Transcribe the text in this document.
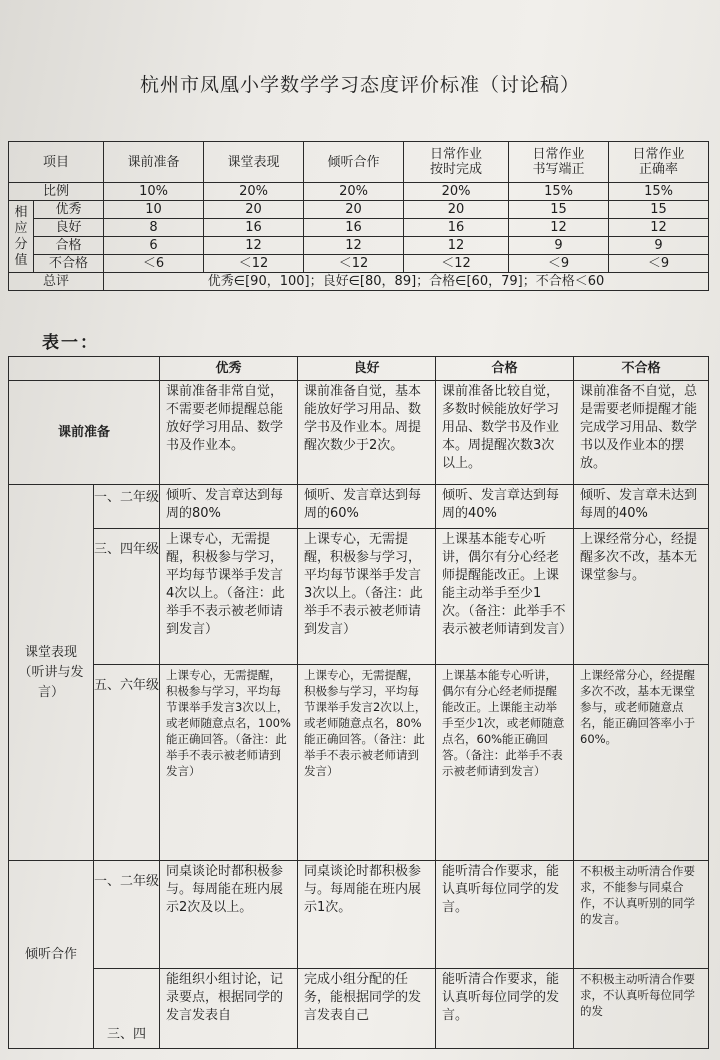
杭州市凤凰小学数学学习态度评价标准（讨论稿）
项目		课前准备	课堂表现	倾听合作	日常作业按时完成	日常作业书写端正	日常作业正确率
比例		10%	20%	20%	20%	15%	15%

相
应
分
值	优秀	10	20	20	20	15	15
	良好	8	16	16	16	12	12
	合格	6	12	12	12	9	9
	不合格	＜6	＜12	＜12	＜12	＜9	＜9
总评		优秀∈[90，100]；良好∈[80，89]；合格∈[60，79]；不合格＜60					
表一：
		优秀	良好	合格	不合格
课前准备		课前准备非常自觉，不需要老师提醒总能放好学习用品、数学书及作业本。	课前准备自觉，基本能放好学习用品、数学书及作业本。周提醒次数少于2次。	课前准备比较自觉，多数时候能放好学习用品、数学书及作业本。周提醒次数3次以上。	课前准备不自觉，总是需要老师提醒才能完成学习用品、数学书以及作业本的摆放。
课堂表现（听讲与发言）	一、二年级	倾听、发言章达到每周的80%	倾听、发言章达到每周的60%	倾听、发言章达到每周的40%	倾听、发言章未达到每周的40%
	三、四年级	上课专心，无需提醒，积极参与学习，平均每节课举手发言4次以上。（备注：此举手不表示被老师请到发言）	上课专心，无需提醒，积极参与学习，平均每节课举手发言3次以上。（备注：此举手不表示被老师请到发言）	上课基本能专心听讲，偶尔有分心经老师提醒能改正。上课能主动举手至少1次。（备注：此举手不表示被老师请到发言）	上课经常分心，经提醒多次不改，基本无课堂参与。
	五、六年级	上课专心，无需提醒，积极参与学习，平均每节课举手发言3次以上，或老师随意点名，100%能正确回答。（备注：此举手不表示被老师请到发言）	上课专心，无需提醒，积极参与学习，平均每节课举手发言2次以上，或老师随意点名，80%能正确回答。（备注：此举手不表示被老师请到发言）	上课基本能专心听讲，偶尔有分心经老师提醒能改正。上课能主动举手至少1次，或老师随意点名，60%能正确回答。（备注：此举手不表示被老师请到发言）	上课经常分心，经提醒多次不改，基本无课堂参与，或老师随意点名，能正确回答率小于60%。
倾听合作	一、二年级	同桌谈论时都积极参与。每周能在班内展示2次及以上。	同桌谈论时都积极参与。每周能在班内展示1次。	能听清合作要求，能认真听每位同学的发言。	不积极主动听清合作要求，不能参与同桌合作，不认真听别的同学的发言。
	三、四	能组织小组讨论，记录要点，根据同学的发言发表自	完成小组分配的任务，能根据同学的发言发表自己	能听清合作要求，能认真听每位同学的发言。	不积极主动听清合作要求，不认真听每位同学的发
